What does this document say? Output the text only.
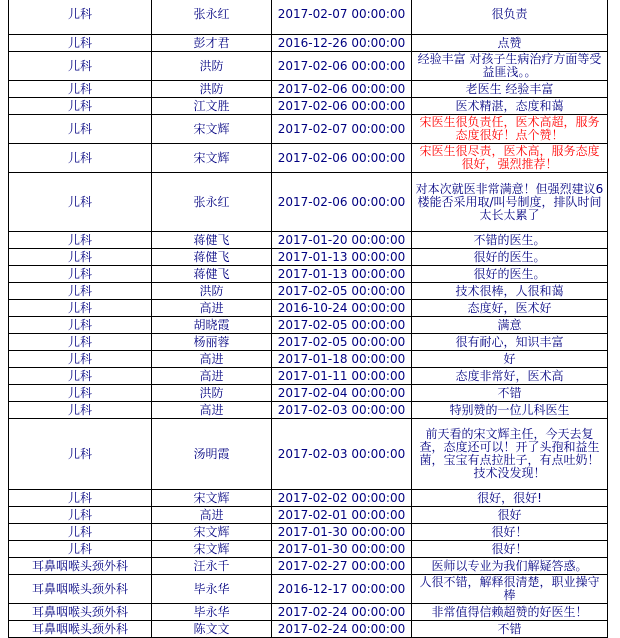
儿科	张永红	2017-02-07 00:00:00	很负责
儿科	彭才君	2016-12-26 00:00:00	点赞
儿科	洪防	2017-02-06 00:00:00	经验丰富 对孩子生病治疗方面等受益匪浅。。
儿科	洪防	2017-02-06 00:00:00	老医生 经验丰富
儿科	江文胜	2017-02-06 00:00:00	医术精湛，态度和蔼
儿科	宋文辉	2017-02-07 00:00:00	宋医生很负责任，医术高超，服务态度很好！点个赞！
儿科	宋文辉	2017-02-06 00:00:00	宋医生很尽责，医术高，服务态度很好，强烈推荐！
儿科	张永红	2017-02-06 00:00:00	对本次就医非常满意！但强烈建议6楼能否采用取/叫号制度，排队时间太长太累了
儿科	蒋健飞	2017-01-20 00:00:00	不错的医生。
儿科	蒋健飞	2017-01-13 00:00:00	很好的医生。
儿科	蒋健飞	2017-01-13 00:00:00	很好的医生。
儿科	洪防	2017-02-05 00:00:00	技术很棒，人很和蔼
儿科	高进	2016-10-24 00:00:00	态度好，医术好
儿科	胡晓霞	2017-02-05 00:00:00	满意
儿科	杨丽蓉	2017-02-05 00:00:00	很有耐心，知识丰富
儿科	高进	2017-01-18 00:00:00	好
儿科	高进	2017-01-11 00:00:00	态度非常好，医术高
儿科	洪防	2017-02-04 00:00:00	不错
儿科	高进	2017-02-03 00:00:00	特别赞的一位儿科医生
儿科	汤明霞	2017-02-03 00:00:00	前天看的宋文辉主任，今天去复查，态度还可以！开了头孢和益生菌，宝宝有点拉肚子，有点吐奶！技术没发现！
儿科	宋文辉	2017-02-02 00:00:00	很好，很好!
儿科	高进	2017-02-01 00:00:00	很好
儿科	宋文辉	2017-01-30 00:00:00	很好！
儿科	宋文辉	2017-01-30 00:00:00	很好！
耳鼻咽喉头颈外科	汪永千	2017-02-27 00:00:00	医师以专业为我们解疑答惑。
耳鼻咽喉头颈外科	毕永华	2016-12-17 00:00:00	人很不错，解释很清楚，职业操守棒
耳鼻咽喉头颈外科	毕永华	2017-02-24 00:00:00	非常值得信赖超赞的好医生！
耳鼻咽喉头颈外科	陈文文	2017-02-24 00:00:00	不错
